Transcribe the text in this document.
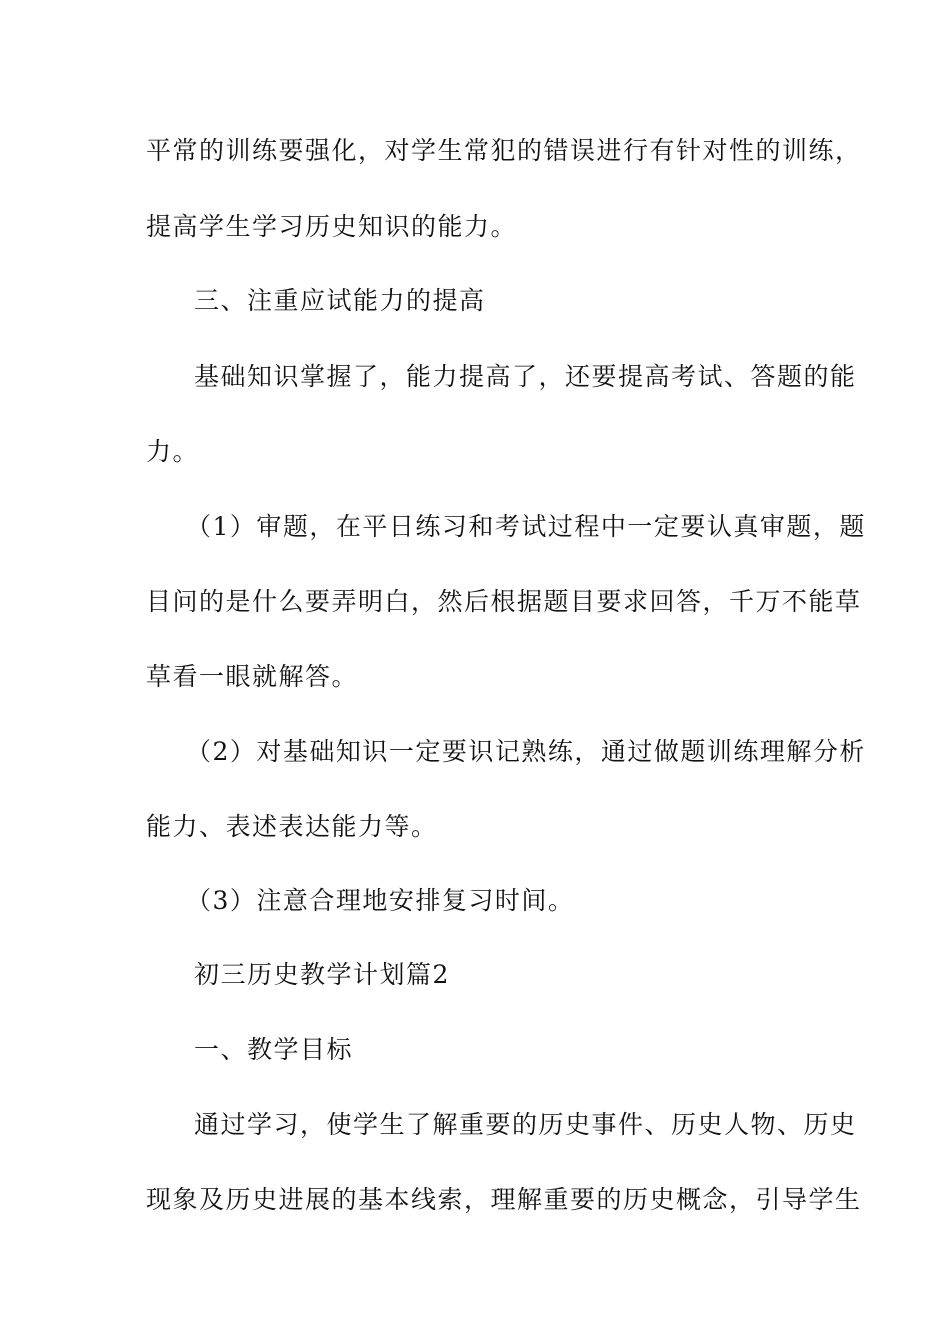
平常的训练要强化，对学生常犯的错误进行有针对性的训练，
提高学生学习历史知识的能力。
三、注重应试能力的提高
基础知识掌握了，能力提高了，还要提高考试、答题的能
力。
（1）审题，在平日练习和考试过程中一定要认真审题，题
目问的是什么要弄明白，然后根据题目要求回答，千万不能草
草看一眼就解答。
（2）对基础知识一定要识记熟练，通过做题训练理解分析
能力、表述表达能力等。
（3）注意合理地安排复习时间。
初三历史教学计划篇2
一、教学目标
通过学习，使学生了解重要的历史事件、历史人物、历史
现象及历史进展的基本线索，理解重要的历史概念，引导学生
